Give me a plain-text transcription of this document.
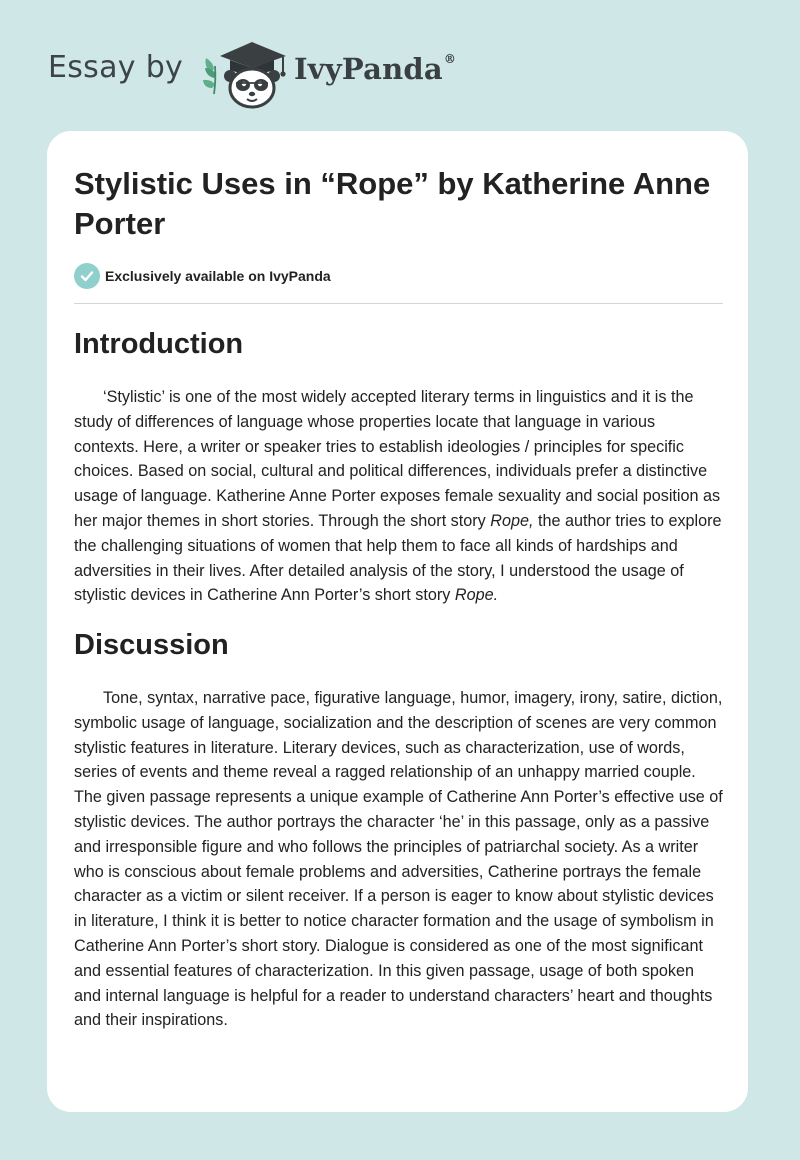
Essay by	IvyPanda®
Stylistic Uses in “Rope” by Katherine Anne Porter
Exclusively available on IvyPanda
Introduction

‘Stylistic’ is one of the most widely accepted literary terms in linguistics and it is the study of differences of language whose properties locate that language in various contexts. Here, a writer or speaker tries to establish ideologies / principles for specific choices. Based on social, cultural and political differences, individuals prefer a distinctive usage of language. Katherine Anne Porter exposes female sexuality and social position as her major themes in short stories. Through the short story Rope, the author tries to explore the challenging situations of women that help them to face all kinds of hardships and adversities in their lives. After detailed analysis of the story, I understood the usage of stylistic devices in Catherine Ann Porter’s short story Rope.

Discussion

Tone, syntax, narrative pace, figurative language, humor, imagery, irony, satire, diction, symbolic usage of language, socialization and the description of scenes are very common stylistic features in literature. Literary devices, such as characterization, use of words, series of events and theme reveal a ragged relationship of an unhappy married couple. The given passage represents a unique example of Catherine Ann Porter’s effective use of stylistic devices. The author portrays the character ‘he’ in this passage, only as a passive and irresponsible figure and who follows the principles of patriarchal society. As a writer who is conscious about female problems and adversities, Catherine portrays the female character as a victim or silent receiver. If a person is eager to know about stylistic devices in literature, I think it is better to notice character formation and the usage of symbolism in Catherine Ann Porter’s short story. Dialogue is considered as one of the most significant and essential features of characterization. In this given passage, usage of both spoken and internal language is helpful for a reader to understand characters’ heart and thoughts and their inspirations.
